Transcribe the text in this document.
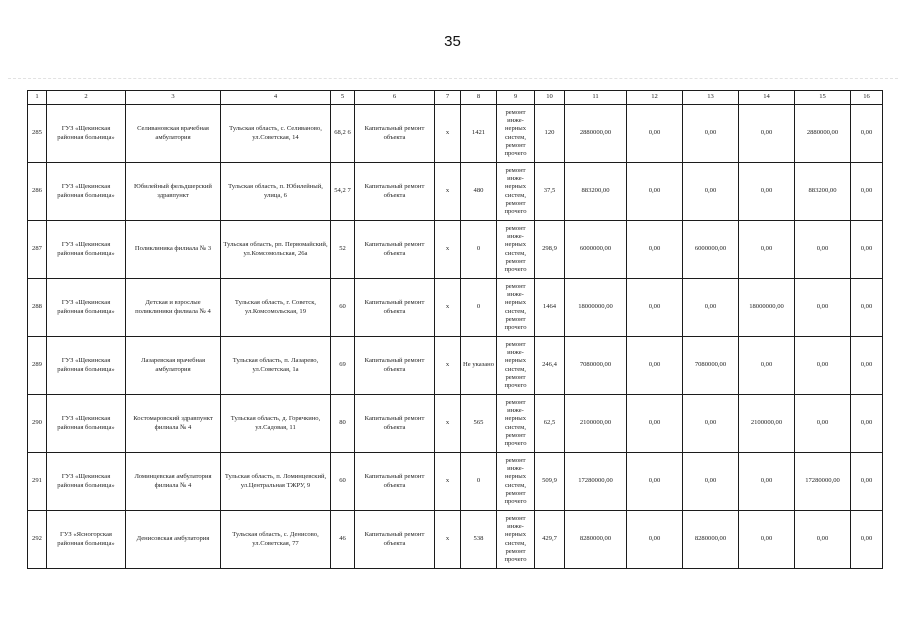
35
1	2	3	4	5	6	7	8	9	10	11	12	13	14	15	16
285	ГУЗ «Щекинская районная больница»	Селивановская врачебная амбулатория	Тульская область, с. Селиваново, ул.Советская, 14	68,2 6	Капитальный ремонт объекта	х	1421	ремонт инже-нерных систем, ремонт прочего	120	2880000,00	0,00	0,00	0,00	2880000,00	0,00
286	ГУЗ «Щекинская районная больница»	Юбилейный фельдшерский здравпункт	Тульская область, п. Юбилейный, улица, 6	54,2 7	Капитальный ремонт объекта	х	480	ремонт инже-нерных систем, ремонт прочего	37,5	883200,00	0,00	0,00	0,00	883200,00	0,00
287	ГУЗ «Щекинская районная больница»	Поликлиника филиала № 3	Тульская область, рп. Первомайский, ул.Комсомольская, 26а	52	Капитальный ремонт объекта	х	0	ремонт инже-нерных систем, ремонт прочего	298,9	6000000,00	0,00	6000000,00	0,00	0,00	0,00
288	ГУЗ «Щекинская районная больница»	Детская и взрослые поликлиники филиала № 4	Тульская область, г. Советск, ул.Комсомольская, 19	60	Капитальный ремонт объекта	х	0	ремонт инже-нерных систем, ремонт прочего	1464	18000000,00	0,00	0,00	18000000,00	0,00	0,00
289	ГУЗ «Щекинская районная больница»	Лазаревская врачебная амбулатория	Тульская область, п. Лазарево, ул.Советская, 1а	69	Капитальный ремонт объекта	х	Не указано	ремонт инже-нерных систем, ремонт прочего	246,4	7080000,00	0,00	7080000,00	0,00	0,00	0,00
290	ГУЗ «Щекинская районная больница»	Костомаровский здравпункт филиала № 4	Тульская область, д. Горячкино, ул.Садовая, 11	80	Капитальный ремонт объекта	х	565	ремонт инже-нерных систем, ремонт прочего	62,5	2100000,00	0,00	0,00	2100000,00	0,00	0,00
291	ГУЗ «Щекинская районная больница»	Ломинцевская амбулатория филиала № 4	Тульская область, п. Ломинцевский, ул.Центральная ТЖРУ, 9	60	Капитальный ремонт объекта	х	0	ремонт инже-нерных систем, ремонт прочего	509,9	17280000,00	0,00	0,00	0,00	17280000,00	0,00
292	ГУЗ «Ясногорская районная больница»	Денисовская амбулатория	Тульская область, с. Денисово, ул.Советская, 77	46	Капитальный ремонт объекта	х	538	ремонт инже-нерных систем, ремонт прочего	429,7	8280000,00	0,00	8280000,00	0,00	0,00	0,00
